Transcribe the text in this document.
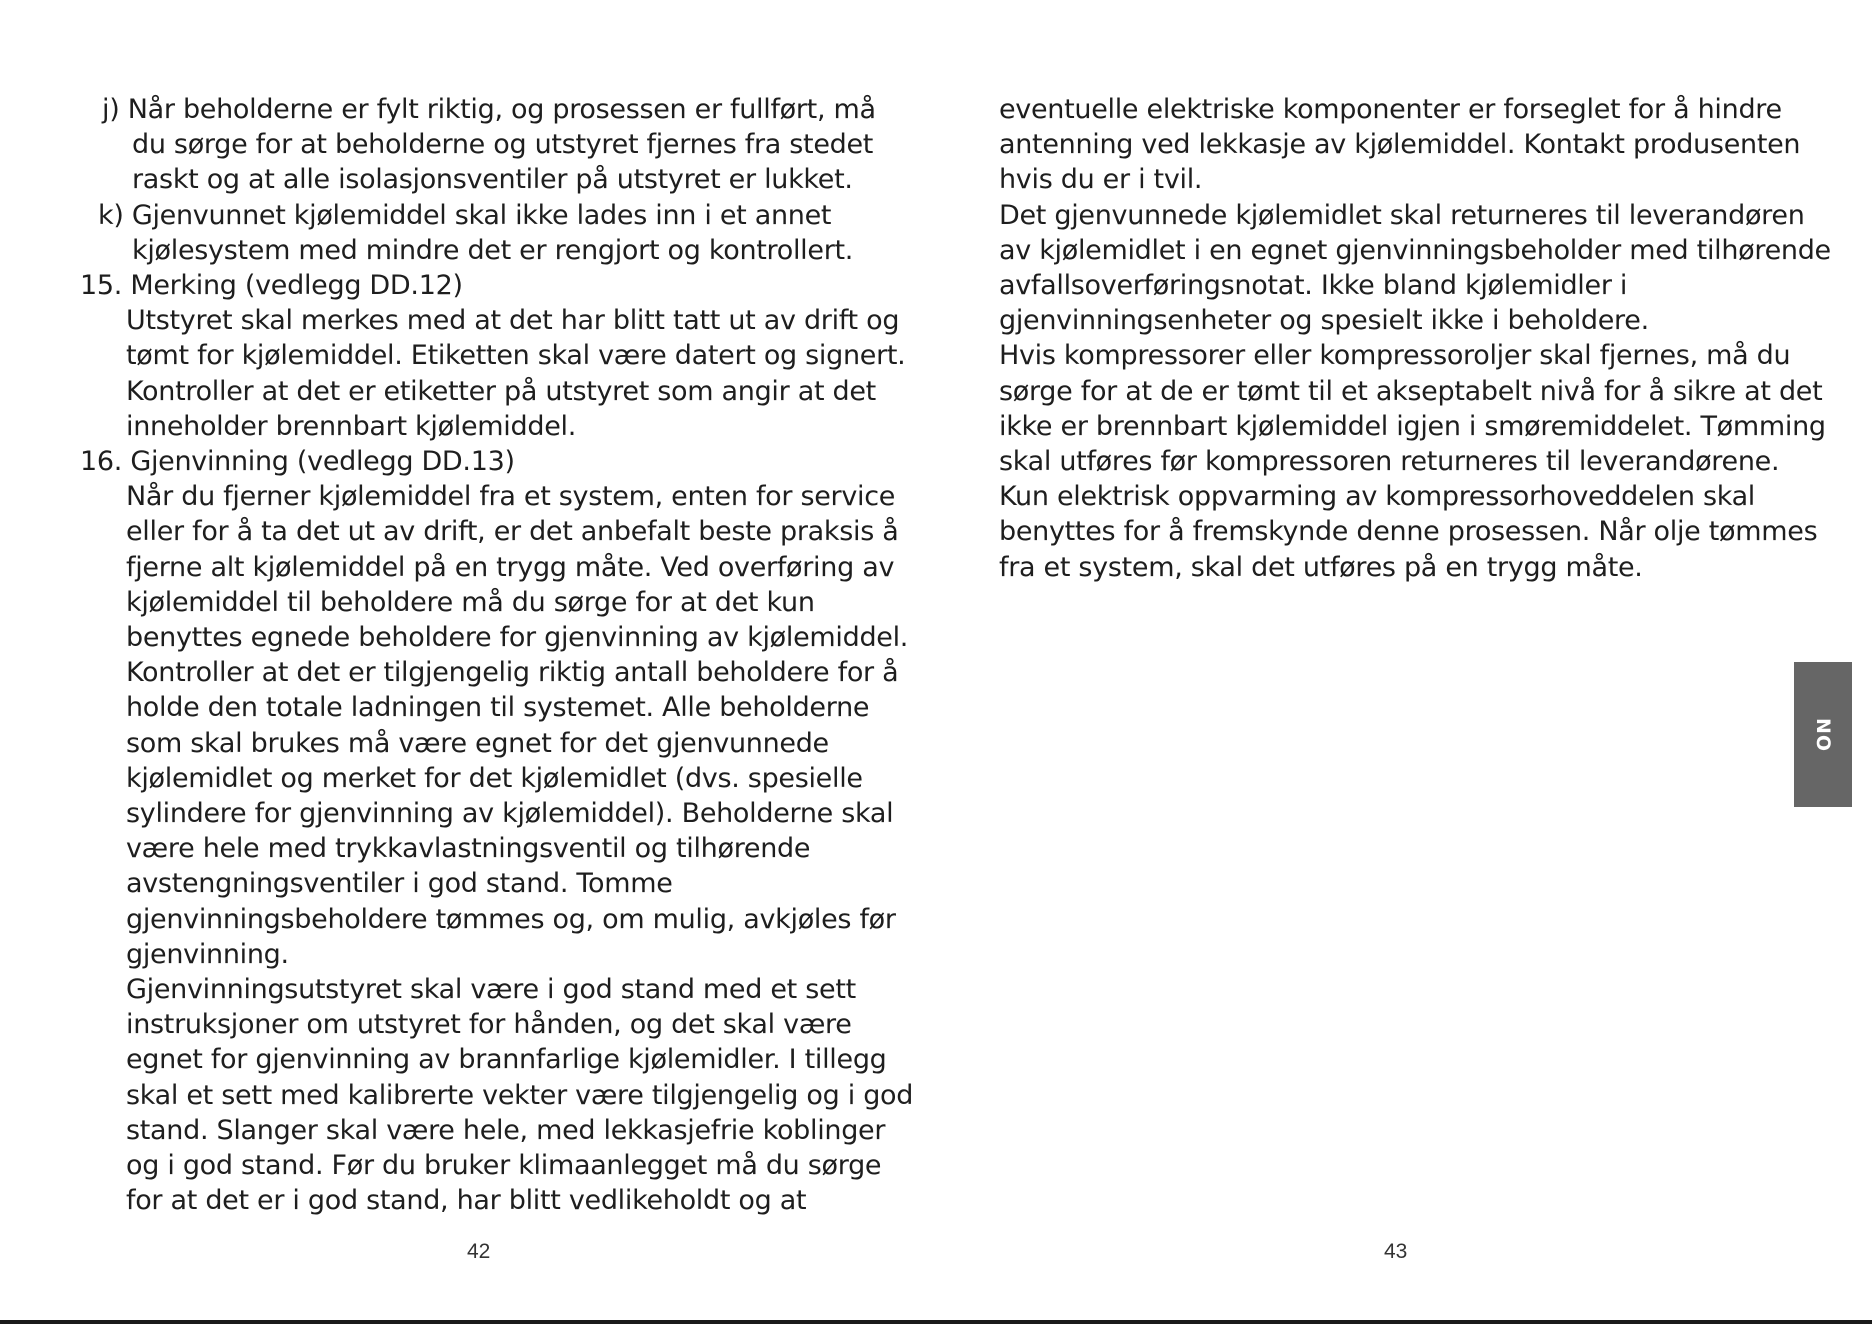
j) Når beholderne er fylt riktig, og prosessen er fullført, må
du sørge for at beholderne og utstyret fjernes fra stedet
raskt og at alle isolasjonsventiler på utstyret er lukket.
k) Gjenvunnet kjølemiddel skal ikke lades inn i et annet
kjølesystem med mindre det er rengjort og kontrollert.
15. Merking (vedlegg DD.12)
Utstyret skal merkes med at det har blitt tatt ut av drift og
tømt for kjølemiddel. Etiketten skal være datert og signert.
Kontroller at det er etiketter på utstyret som angir at det
inneholder brennbart kjølemiddel.
16. Gjenvinning (vedlegg DD.13)
Når du fjerner kjølemiddel fra et system, enten for service
eller for å ta det ut av drift, er det anbefalt beste praksis å
fjerne alt kjølemiddel på en trygg måte. Ved overføring av
kjølemiddel til beholdere må du sørge for at det kun
benyttes egnede beholdere for gjenvinning av kjølemiddel.
Kontroller at det er tilgjengelig riktig antall beholdere for å
holde den totale ladningen til systemet. Alle beholderne
som skal brukes må være egnet for det gjenvunnede
kjølemidlet og merket for det kjølemidlet (dvs. spesielle
sylindere for gjenvinning av kjølemiddel). Beholderne skal
være hele med trykkavlastningsventil og tilhørende
avstengningsventiler i god stand. Tomme
gjenvinningsbeholdere tømmes og, om mulig, avkjøles før
gjenvinning.
Gjenvinningsutstyret skal være i god stand med et sett
instruksjoner om utstyret for hånden, og det skal være
egnet for gjenvinning av brannfarlige kjølemidler. I tillegg
skal et sett med kalibrerte vekter være tilgjengelig og i god
stand. Slanger skal være hele, med lekkasjefrie koblinger
og i god stand. Før du bruker klimaanlegget må du sørge
for at det er i god stand, har blitt vedlikeholdt og at
eventuelle elektriske komponenter er forseglet for å hindre
antenning ved lekkasje av kjølemiddel. Kontakt produsenten
hvis du er i tvil.
Det gjenvunnede kjølemidlet skal returneres til leverandøren
av kjølemidlet i en egnet gjenvinningsbeholder med tilhørende
avfallsoverføringsnotat. Ikke bland kjølemidler i
gjenvinningsenheter og spesielt ikke i beholdere.
Hvis kompressorer eller kompressoroljer skal fjernes, må du
sørge for at de er tømt til et akseptabelt nivå for å sikre at det
ikke er brennbart kjølemiddel igjen i smøremiddelet. Tømming
skal utføres før kompressoren returneres til leverandørene.
Kun elektrisk oppvarming av kompressorhoveddelen skal
benyttes for å fremskynde denne prosessen. Når olje tømmes
fra et system, skal det utføres på en trygg måte.
42	43
NO
